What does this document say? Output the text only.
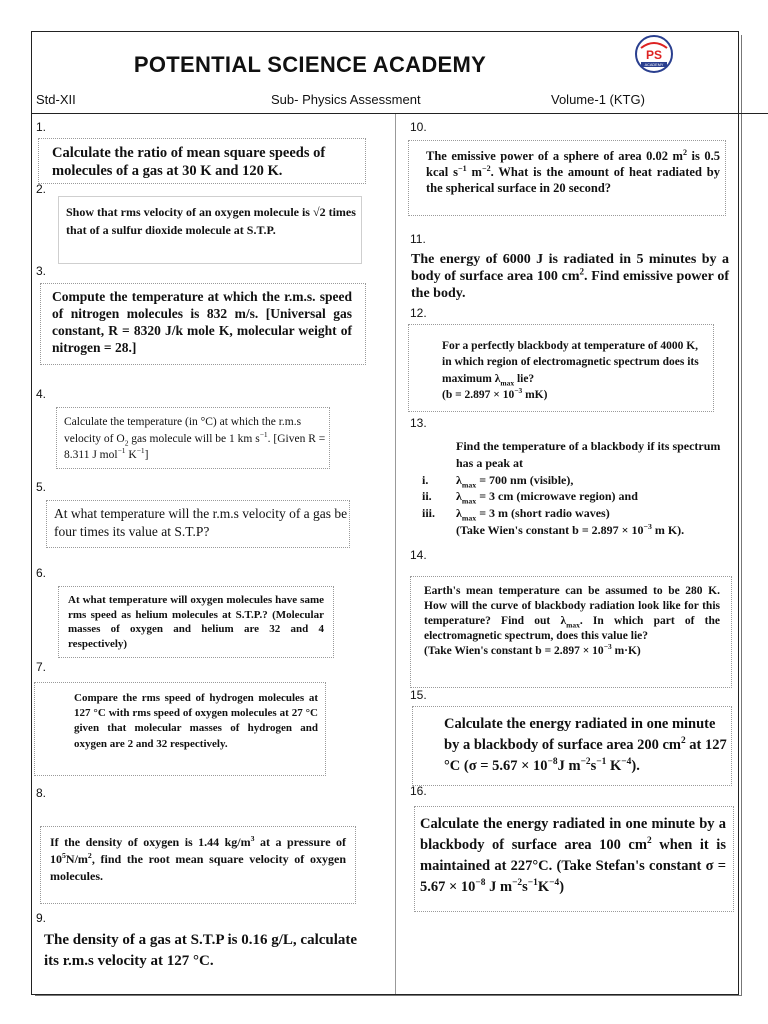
POTENTIAL SCIENCE ACADEMY	PS
ACADEMY
Std-XII	Sub- Physics Assessment	Volume-1 (KTG)
1.
Calculate the ratio of mean square speeds of molecules of a gas at 30 K and 120 K.
2.
Show that rms velocity of an oxygen molecule is √2 times that of a sulfur dioxide molecule at S.T.P.
3.
Compute the temperature at which the r.m.s. speed of nitrogen molecules is 832 m/s. [Universal gas constant, R = 8320 J/k mole K, molecular weight of nitrogen = 28.]
4.
Calculate the temperature (in °C) at which the r.m.s velocity of $O_2$ gas molecule will be 1 km $s^{-1}$. [Given R = 8.311 J mol$^{-1}$ $K^{-1}$]
5.
At what temperature will the r.m.s velocity of a gas be four times its value at S.T.P?
6.
At what temperature will oxygen molecules have same rms speed as helium molecules at S.T.P.? (Molecular masses of oxygen and helium are 32 and 4 respectively)
7.
Compare the rms speed of hydrogen molecules at 127 °C with rms speed of oxygen molecules at 27 °C given that molecular masses of hydrogen and oxygen are 2 and 32 respectively.
8.
If the density of oxygen is 1.44 $kg/m^3$ at a pressure of $10^5N/m^2$, find the root mean square velocity of oxygen molecules.
9.
The density of a gas at S.T.P is 0.16 g/L, calculate its r.m.s velocity at 127 °C.
10.
The emissive power of a sphere of area 0.02 $m^2$ is 0.5 kcal $s^{-1}$ $m^{-2}$. What is the amount of heat radiated by the spherical surface in 20 second?
11.
The energy of 6000 J is radiated in 5 minutes by a body of surface area 100 $cm^2$. Find emissive power of the body.
12.
For a perfectly blackbody at temperature of 4000 K, in which region of electromagnetic spectrum does its maximum $\lambda_{max}$ lie?
($b = 2.897 \times 10^{-3}$ mK)
13.
Find the temperature of a blackbody if its spectrum has a peak at
i.	$\lambda_{max} = 700$ nm (visible),
ii.	$\lambda_{max} = 3$ cm (microwave region) and
iii.	$\lambda_{max} = 3$ m (short radio waves)
(Take Wien's constant $b = 2.897 \times 10^{-3}$ m K).
14.
Earth's mean temperature can be assumed to be 280 K. How will the curve of blackbody radiation look like for this temperature? Find out $\lambda_{max}$. In which part of the electromagnetic spectrum, does this value lie?
(Take Wien's constant $b = 2.897 \times 10^{-3}$ m·K)
15.
Calculate the energy radiated in one minute by a blackbody of surface area 200 $cm^2$ at 127 °C ($\sigma = 5.67 \times 10^{-8}J$ $m^{-2}s^{-1}$ $K^{-4}$).
16.
Calculate the energy radiated in one minute by a blackbody of surface area 100 $cm^2$ when it is maintained at 227°C. (Take Stefan's constant $\sigma = 5.67 \times 10^{-8}$ J $m^{-2}s^{-1}K^{-4}$)
